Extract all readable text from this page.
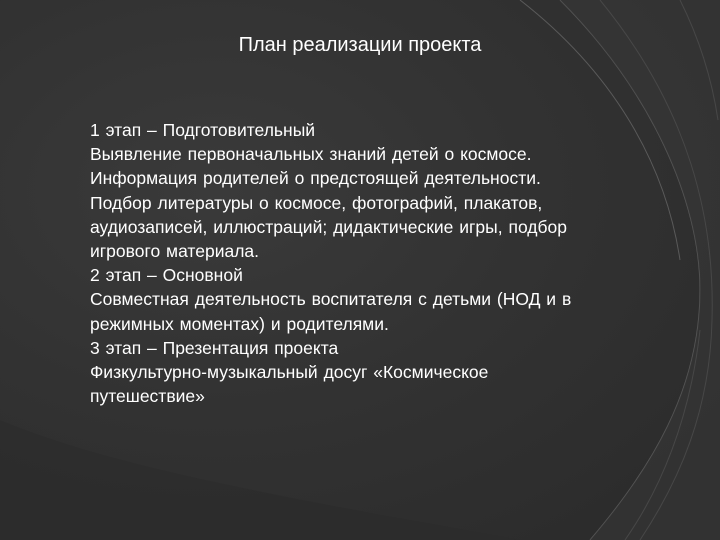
План реализации проекта
1 этап – Подготовительный
Выявление первоначальных знаний детей о космосе.
Информация родителей о предстоящей деятельности.
Подбор литературы о космосе, фотографий, плакатов,
аудиозаписей, иллюстраций; дидактические игры, подбор
игрового материала.
2 этап – Основной
Совместная деятельность воспитателя с детьми (НОД и в
режимных моментах) и родителями.
3 этап – Презентация проекта
Физкультурно-музыкальный досуг «Космическое
путешествие»
